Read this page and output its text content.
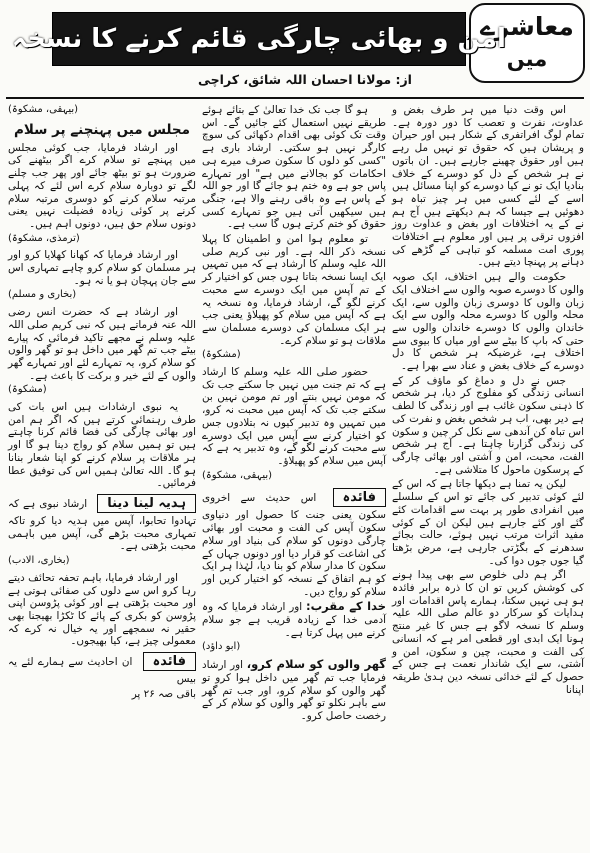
معاشرے
میں
امن و بھائی چارگی قائم کرنے کا نسخہ
از: مولانا احسان اللہ شائق، کراچی

اس وقت دنیا میں ہر طرف بغض و عداوت، نفرت و تعصب کا دور دورہ ہے۔ تمام لوگ افراتفری کے شکار ہیں اور حیران و پریشان ہیں کہ حقوق تو نہیں مل رہے ہیں اور حقوق چھینے جارہے ہیں۔ ان باتوں نے ہر شخص کے دل کو دوسرے کے خلاف بنادیا ایک تو نے کیا دوسرے کو اپنا مسائل ہیں اسے کے لئے کسی میں ہر چیز تباہ ہو دھوئیں ہے جیسا کہ ہم دیکھتے ہیں آج ہم نے کے یہ اختلافات اور بغض و عداوت روز افزوں ترقی پر ہیں اور معلوم ہے اختلافات پوری امت مسلمہ کو تباہی کے گڑھے کی دہانے پر پہنچا دیتے ہیں۔

حکومت والے ہیں اختلاف، ایک صوبہ والوں کا دوسرے صوبہ والوں سے اختلاف ایک زبان والوں کا دوسری زبان والوں سے، ایک محلہ والوں کا دوسرے محلہ والوں سے ایک خاندان والوں کا دوسرے خاندان والوں سے حتی کہ باپ کا بیٹے سے اور میاں کا بیوی سے اختلاف ہے، غرضیکہ ہر شخص کا دل دوسرے کے خلاف بغض و عناد سے بھرا ہے۔

جس نے دل و دماغ کو ماؤف کر کے انسانی زندگی کو مفلوج کر دیا، ہر شخص کا ذہنی سکون غائب ہے اور زندگی کا لطف ہے دیر بھی، اب ہر شخص بغض و نفرت کی اس تباہ کن آندھی سے نکل کر چین و سکون کی زندگی گزارنا چاہتا ہے۔ آج ہر شخص الفت، محبت، امن و آشتی اور بھائی چارگی کے پرسکون ماحول کا متلاشی ہے۔

لیکن یہ تمنا ہے دیکھا جاتا ہے کہ اس کے لئے کوئی تدبیر کی جائے تو اس کے سلسلے میں انفرادی طور پر بہت سے اقدامات کئے گئے اور کئے جارہے ہیں لیکن ان کے کوئی مفید اثرات مرتب نہیں ہوئے، حالت بجائے سدھرنے کے بگڑتی جارہی ہے، مرض بڑھتا گیا جوں جوں دوا کی۔

اگر ہم دلی خلوص سے بھی پیدا ہونے کی کوشش کریں تو ان کا ذرہ برابر فائدہ ہو ہی نہیں سکتا، ہمارے پاس اقدامات اور ہدایات کو سرکار دو عالم صلی اللہ علیہ وسلم کا نسخہ لاگو ہے جس کا غیر منتج ہونا ایک ابدی اور قطعی امر ہے کہ انسانی کی الفت و محبت، چین و سکون، امن و آشتی، سے ایک شاندار نعمت ہے جس کے حصول کے لئے خدائی نسخہ دین ہدیٰ طریقہ اپنانا

ہو گا جب تک خدا تعالیٰ کے بتائے ہوئے طریقے نہیں استعمال کئے جائیں گے۔ اس وقت تک کوئی بھی اقدام دکھائی کی سوچ کارگر نہیں ہو سکتی۔ ارشاد باری ہے "کسی کو دلوں کا سکون صرف میرے ہی احکامات کو بجالانے میں ہے" اور تمہارے پاس جو ہے وہ ختم ہو جائے گا اور جو اللہ کے پاس ہے وہ باقی رہنے والا ہے، جنگی ہیں سیکھیں آتی ہیں جو تمہارے کسی حقوق کو ختم کرتے ہوں گا سب ہے۔

تو معلوم ہوا امن و اطمینان کا پہلا نسخہ ذکر اللہ ہے۔ اور نبی کریم صلی اللہ علیہ وسلم کا ارشاد ہے کہ میں تمہیں ایک ایسا نسخہ بتاتا ہوں جس کو اختیار کر کے تم آپس میں ایک دوسرے سے محبت کرنے لگو گے، ارشاد فرمایا، وہ نسخہ یہ ہے کہ آپس میں سلام کو پھیلاؤ یعنی جب ہر ایک مسلمان کی دوسرے مسلمان سے ملاقات ہو تو سلام کرے۔

(مشکوۃ)

حضور صلی اللہ علیہ وسلم کا ارشاد ہے کہ تم جنت میں نہیں جا سکتے جب تک کہ مومن نہیں بنتے اور تم مومن نہیں بن سکتے جب تک کہ آپس میں محبت نہ کرو، میں تمہیں وہ تدبیر کیوں نہ بتلادوں جس کو اختیار کرنے سے آپس میں ایک دوسرے سے محبت کرنے لگو گے، وہ تدبیر یہ ہے کہ آپس میں سلام کو پھیلاؤ۔

(بیہقی، مشکوۃ)

فائدہ اس حدیث سے اخروی سکون یعنی جنت کا حصول اور دنیاوی سکون آپس کی الفت و محبت اور بھائی چارگی دونوں کو سلام کی بنیاد اور سلام کی اشاعت کو قرار دیا اور دونوں جہاں کے سکون کا مدار سلام کو بنا دیا، لہٰذا ہر ایک کو ہم اتفاق کے نسخہ کو اختیار کریں اور سلام کو رواج دیں۔

خدا کے مقرب: اور ارشاد فرمایا کہ وہ آدمی خدا کے زیادہ قریب ہے جو سلام کرنے میں پہل کرتا ہے۔

(ابو داؤد)

گھر والوں کو سلام کرو، اور ارشاد فرمایا جب تم گھر میں داخل ہوا کرو تو گھر والوں کو سلام کرو، اور جب تم گھر سے باہر نکلو تو گھر والوں کو سلام کر کے رخصت حاصل کرو۔

(بیہقی، مشکوۃ)
مجلس میں پہنچنے پر سلام

اور ارشاد فرمایا، جب کوئی مجلس میں پہنچے تو سلام کرے اگر بیٹھنے کی ضرورت ہو تو بیٹھ جائے اور پھر جب چلنے لگے تو دوبارہ سلام کرے اس لئے کہ پہلی مرتبہ سلام کرنے کو دوسری مرتبہ سلام کرنے پر کوئی زیادہ فضیلت نہیں یعنی دونوں سلام حق ہیں، دونوں اہم ہیں۔

(ترمذی، مشکوۃ)

اور ارشاد فرمایا کہ کھانا کھلایا کرو اور ہر مسلمان کو سلام کرو چاہے تمہاری اس سے جان پہچان ہو یا نہ ہو۔

(بخاری و مسلم)

اور ارشاد ہے کہ حضرت انس رضی اللہ عنہ فرماتے ہیں کہ نبی کریم صلی اللہ علیہ وسلم نے مجھے تاکید فرمائی کہ پیارے بیٹے جب تم گھر میں داخل ہو تو گھر والوں کو سلام کرو، یہ تمہارے لئے اور تمہارے گھر والوں کے لئے خیر و برکت کا باعث ہے۔

(مشکوۃ)

یہ نبوی ارشادات ہیں اس بات کی طرف رہنمائی کرتے ہیں کہ اگر ہم امن اور بھائی چارگی کی فضا قائم کرنا چاہتے ہیں تو ہمیں سلام کو رواج دینا ہو گا اور ہر ملاقات پر سلام کرنے کو اپنا شعار بنانا ہو گا۔ اللہ تعالیٰ ہمیں اس کی توفیق عطا فرمائیں۔

ہدیہ لینا دینا ارشاد نبوی ہے کہ تہادوا تحابوا، آپس میں ہدیہ دیا کرو تاکہ تمہاری محبت بڑھے گی، آپس میں باہمی محبت بڑھتی ہے۔

(بخاری، الادب)

اور ارشاد فرمایا، باہم تحفہ تحائف دیتے رہا کرو اس سے دلوں کی صفائی ہوتی ہے اور محبت بڑھتی ہے اور کوئی پڑوسن اپنی پڑوسن کو بکری کے پائے کا ٹکڑا بھیجنا بھی حقیر نہ سمجھے اور یہ خیال نہ کرے کہ معمولی چیز ہے، کیا بھیجوں۔

فائدہ ان احادیث سے ہمارے لئے یہ بیس

باقی صہ ۲۶ پر
